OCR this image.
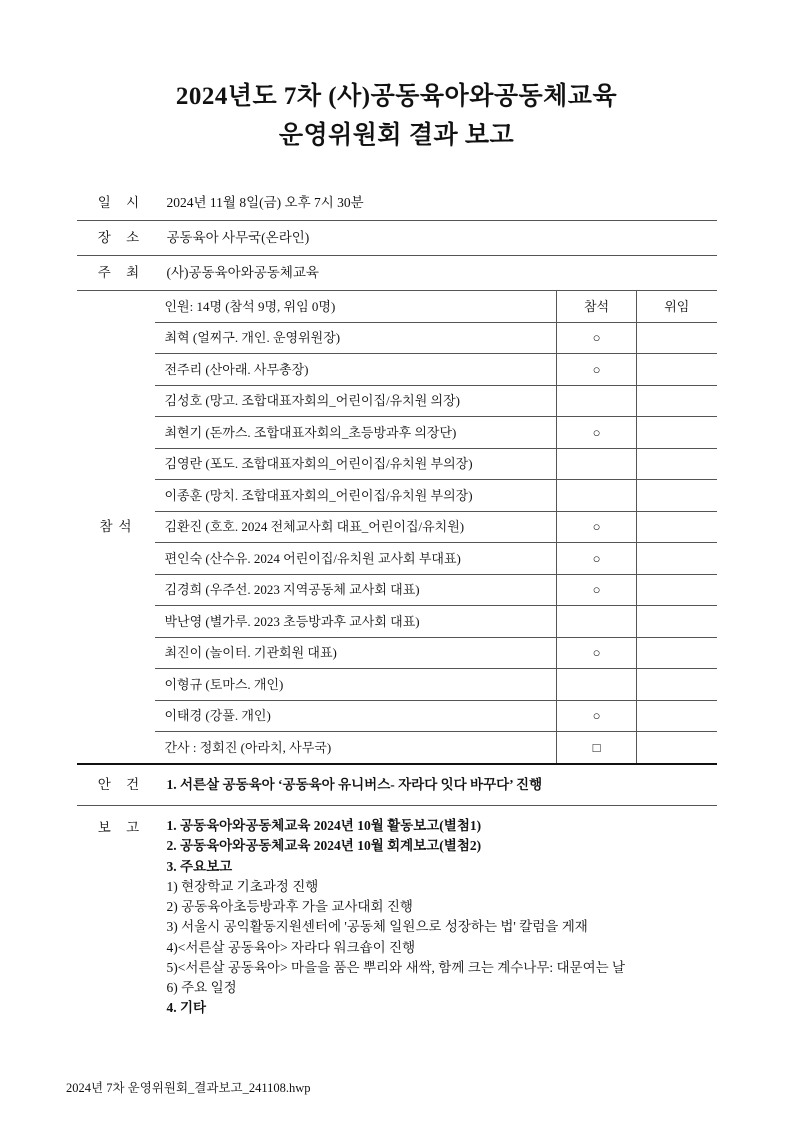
2024년도 7차 (사)공동육아와공동체교육
운영위원회 결과 보고
일 시	2024년 11월 8일(금) 오후 7시 30분
장 소	공동육아 사무국(온라인)
주 최	(사)공동육아와공동체교육
참석	
인원: 14명 (참석 9명, 위임 0명)	참석	위임
최혁 (얼찌구. 개인. 운영위원장)	○	
전주리 (산아래. 사무총장)	○	
김성호 (망고. 조합대표자회의_어린이집/유치원 의장)		
최현기 (돈까스. 조합대표자회의_초등방과후 의장단)	○	
김영란 (포도. 조합대표자회의_어린이집/유치원 부의장)		
이종훈 (망치. 조합대표자회의_어린이집/유치원 부의장)		
김환진 (호호. 2024 전체교사회 대표_어린이집/유치원)	○	
편인숙 (산수유. 2024 어린이집/유치원 교사회 부대표)	○	
김경희 (우주선. 2023 지역공동체 교사회 대표)	○	
박난영 (별가루. 2023 초등방과후 교사회 대표)		
최진이 (놀이터. 기관회원 대표)	○	
이형규 (토마스. 개인)		
이태경 (강풀. 개인)	○	
간사 : 정회진 (아라치, 사무국)	□	

안 건	1. 서른살 공동육아 ‘공동육아 유니버스- 자라다 잇다 바꾸다’ 진행

보 고	1. 공동육아와공동체교육 2024년 10월 활동보고(별첨1)
2. 공동육아와공동체교육 2024년 10월 회계보고(별첨2)
3. 주요보고
1) 현장학교 기초과정 진행
2) 공동육아초등방과후 가을 교사대회 진행
3) 서울시 공익활동지원센터에 '공동체 일원으로 성장하는 법' 칼럼을 게재
4)<서른살 공동육아> 자라다 워크숍이 진행
5)<서른살 공동육아> 마을을 품은 뿌리와 새싹, 함께 크는 계수나무: 대문여는 날
6) 주요 일정
4. 기타
2024년 7차 운영위원회_결과보고_241108.hwp
